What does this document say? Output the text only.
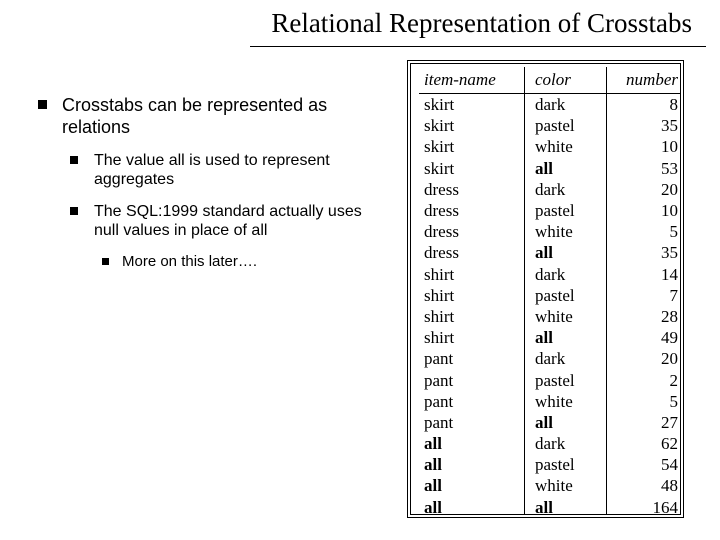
Relational Representation of Crosstabs
Crosstabs can be represented as relations
The value all is used to represent aggregates
The SQL:1999 standard actually uses null values in place of all
More on this later….
item-name	color	number
skirt	dark	8
skirt	pastel	35
skirt	white	10
skirt	all	53
dress	dark	20
dress	pastel	10
dress	white	5
dress	all	35
shirt	dark	14
shirt	pastel	7
shirt	white	28
shirt	all	49
pant	dark	20
pant	pastel	2
pant	white	5
pant	all	27
all	dark	62
all	pastel	54
all	white	48
all	all	164
